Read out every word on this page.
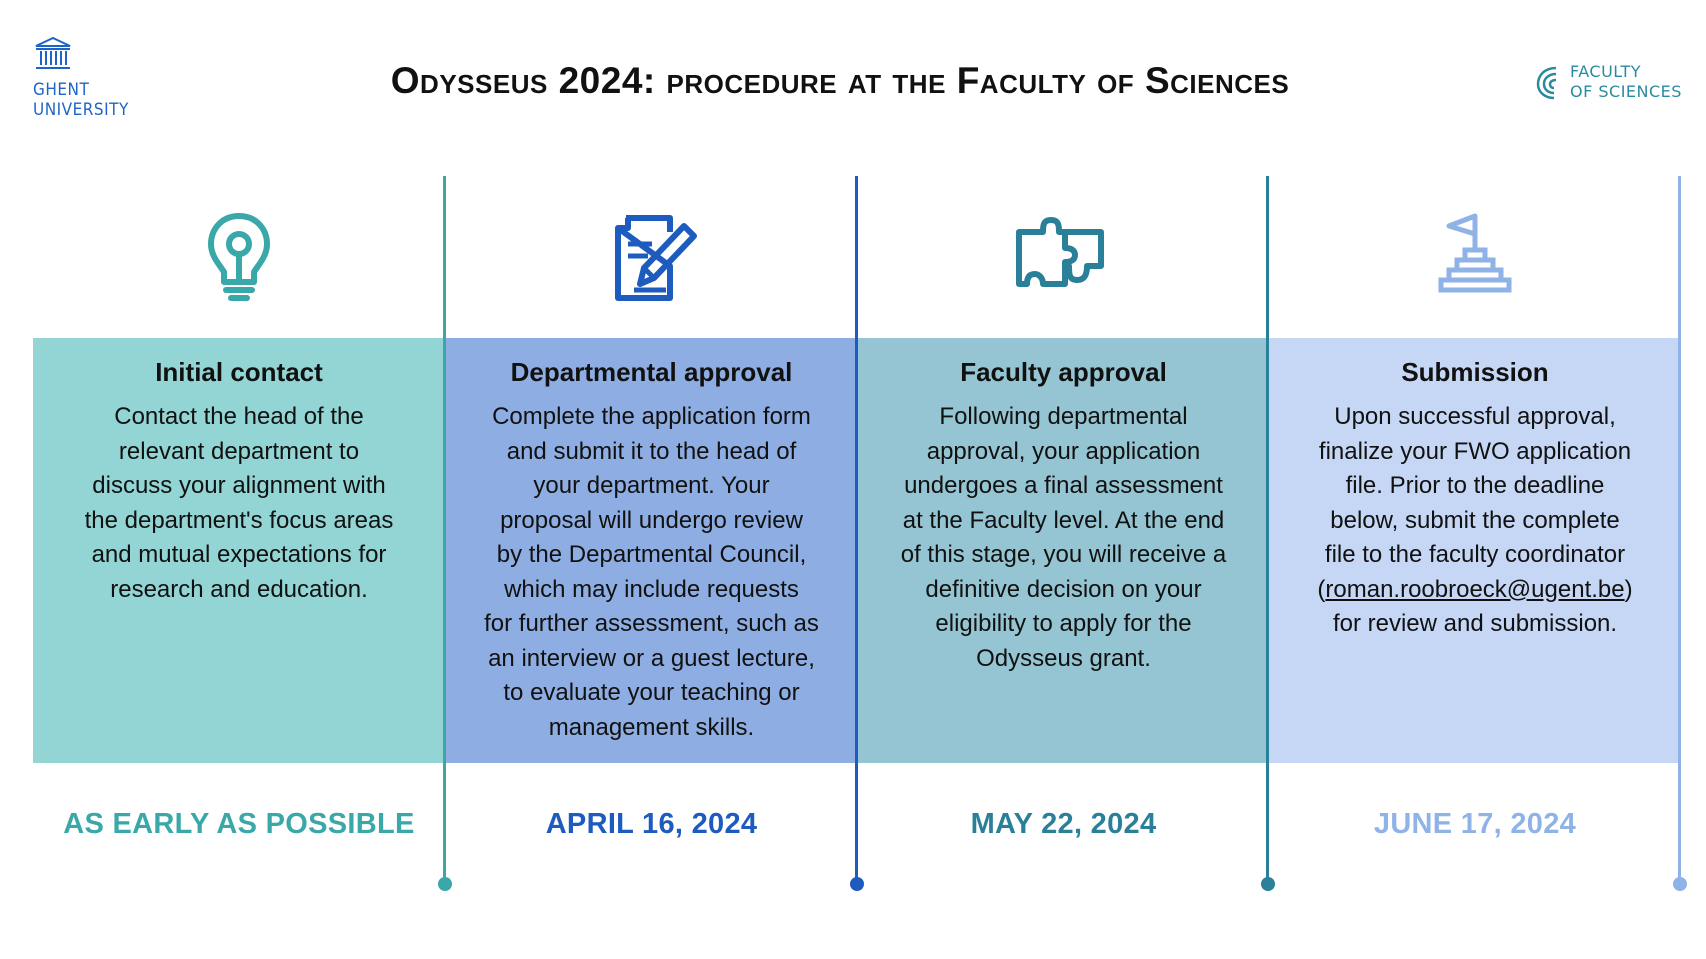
GHENT
UNIVERSITY
Odysseus 2024: procedure at the Faculty of Sciences	FACULTY
OF SCIENCES
Initial contact
Contact the head of the
relevant department to
discuss your alignment with
the department's focus areas
and mutual expectations for
research and education.
Departmental approval
Complete the application form
and submit it to the head of
your department. Your
proposal will undergo review
by the Departmental Council,
which may include requests
for further assessment, such as
an interview or a guest lecture,
to evaluate your teaching or
management skills.
Faculty approval
Following departmental
approval, your application
undergoes a final assessment
at the Faculty level. At the end
of this stage, you will receive a
definitive decision on your
eligibility to apply for the
Odysseus grant.
Submission
Upon successful approval,
finalize your FWO application
file. Prior to the deadline
below, submit the complete
file to the faculty coordinator
(roman.roobroeck@ugent.be)
for review and submission.
AS EARLY AS POSSIBLE	APRIL 16, 2024	MAY 22, 2024	JUNE 17, 2024
